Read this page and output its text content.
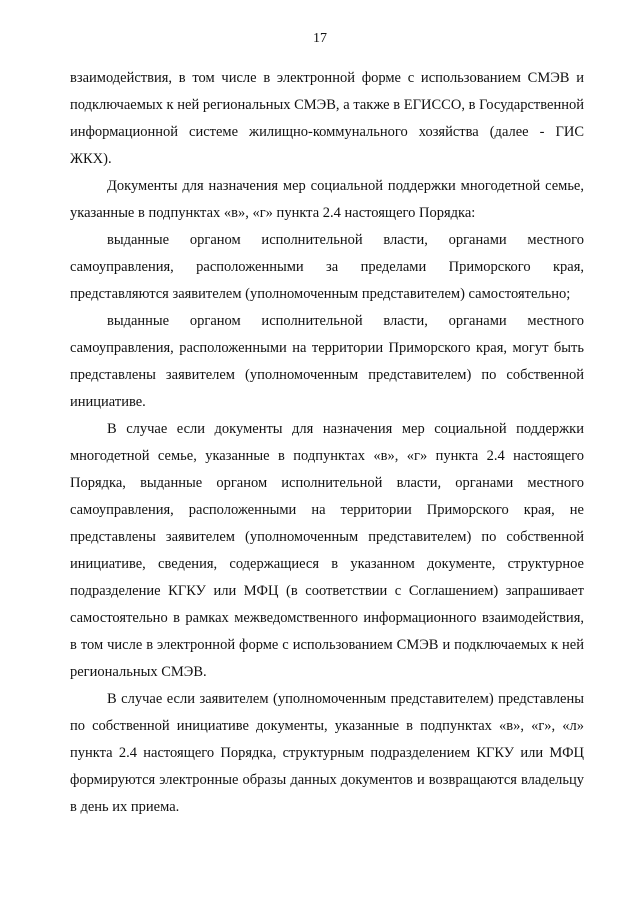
17

взаимодействия, в том числе в электронной форме с использованием СМЭВ и подключаемых к ней региональных СМЭВ, а также в ЕГИССО, в Государственной информационной системе жилищно-коммунального хозяйства (далее - ГИС ЖКХ).

Документы для назначения мер социальной поддержки многодетной семье, указанные в подпунктах «в», «г» пункта 2.4 настоящего Порядка:

выданные органом исполнительной власти, органами местного самоуправления, расположенными за пределами Приморского края, представляются заявителем (уполномоченным представителем) самостоятельно;

выданные органом исполнительной власти, органами местного самоуправления, расположенными на территории Приморского края, могут быть представлены заявителем (уполномоченным представителем) по собственной инициативе.

В случае если документы для назначения мер социальной поддержки многодетной семье, указанные в подпунктах «в», «г» пункта 2.4 настоящего Порядка, выданные органом исполнительной власти, органами местного самоуправления, расположенными на территории Приморского края, не представлены заявителем (уполномоченным представителем) по собственной инициативе, сведения, содержащиеся в указанном документе, структурное подразделение КГКУ или МФЦ (в соответствии с Соглашением) запрашивает самостоятельно в рамках межведомственного информационного взаимодействия, в том числе в электронной форме с использованием СМЭВ и подключаемых к ней региональных СМЭВ.

В случае если заявителем (уполномоченным представителем) представлены по собственной инициативе документы, указанные в подпунктах «в», «г», «л» пункта 2.4 настоящего Порядка, структурным подразделением КГКУ или МФЦ формируются электронные образы данных документов и возвращаются владельцу в день их приема.
